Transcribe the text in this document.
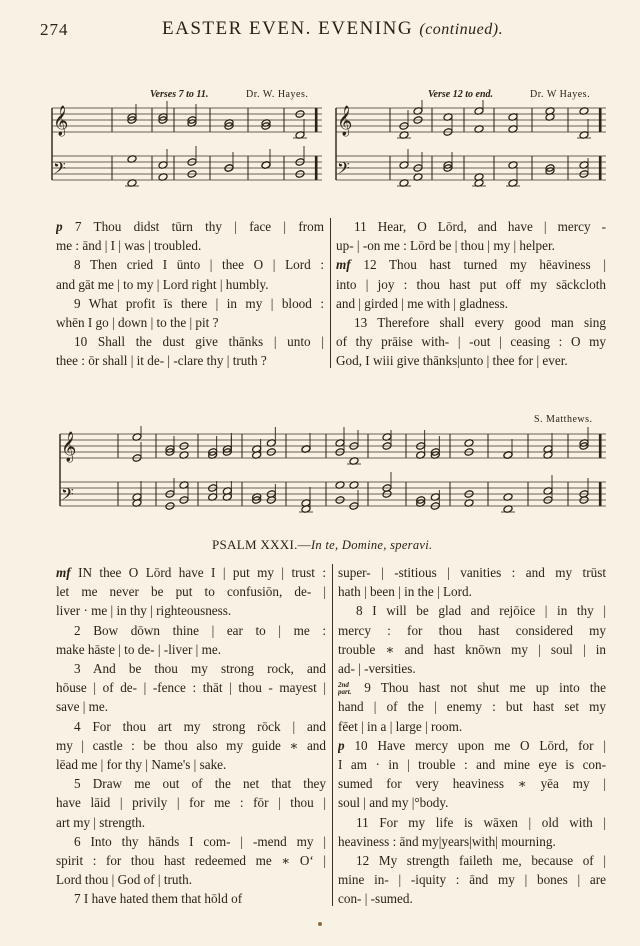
274	EASTER EVEN. EVENING (continued).
Verses 7 to 11.	Dr. W. Hayes.	Verse 12 to end.	Dr. W Hayes.
𝄞
𝄢
𝄞
𝄢

p 7 Thou didst tūrn thy | face | from

me : ānd | I | was | troubled.

8 Then cried I ūnto | thee O | Lord :

and gāt me | to my | Lord right | humbly.

9 What profit īs there | in my | blood :

whēn I go | down | to the | pit ?

10 Shall the dust give thānks | unto |

thee : ōr shall | it de- | -clare thy | truth ?

11 Hear, O Lōrd, and have | mercy -

up- | -on me : Lōrd be | thou | my | helper.

mf 12 Thou hast turned my hēaviness |

into | joy : thou hast put off my sāckcloth

and | girded | me with | gladness.

13 Therefore shall every good man sing

of thy prāise with- | -out | ceasing : O my

God, I wiii give thānks|unto | thee for | ever.

S. Matthews.
𝄞
𝄢
PSALM XXXI.—In te, Domine, speravi.

mf IN thee O Lōrd have I | put my | trust :

let me never be put to confusiōn, de- |

liver · me | in thy | righteousness.

2 Bow dōwn thine | ear to | me :

make hāste | to de- | -liver | me.

3 And be thou my strong rock, and

hōuse | of de- | -fence : thāt | thou - mayest |

save | me.

4 For thou art my strong rōck | and

my | castle : be thou also my guide ∗ and

lēad me | for thy | Name's | sake.

5 Draw me out of the net that they

have lāid | privily | for me : fōr | thou |

art my | strength.

6 Into thy hānds I com- | -mend my |

spirit : for thou hast redeemed me ∗ O‘ |

Lord thou | God of | truth.

7 I have hated them that hōld of

super- | -stitious | vanities : and my trūst

hath | been | in the | Lord.

8 I will be glad and rejōice | in thy |

mercy : for thou hast considered my

trouble ∗ and hast knōwn my | soul | in

ad- | -versities.

2nd part. 9 Thou hast not shut me up into the

hand | of the | enemy : but hast set my

fēet | in a | large | room.

p 10 Have mercy upon me O Lōrd, for |

I am · in | trouble : and mine eye is con-

sumed for very heaviness ∗ yēa my |

soul | and my |°body.

11 For my life is wāxen | old with |

heaviness : ānd my|years|with| mourning.

12 My strength faileth me, because of |

mine in- | -iquity : ānd my | bones | are

con- | -sumed.
